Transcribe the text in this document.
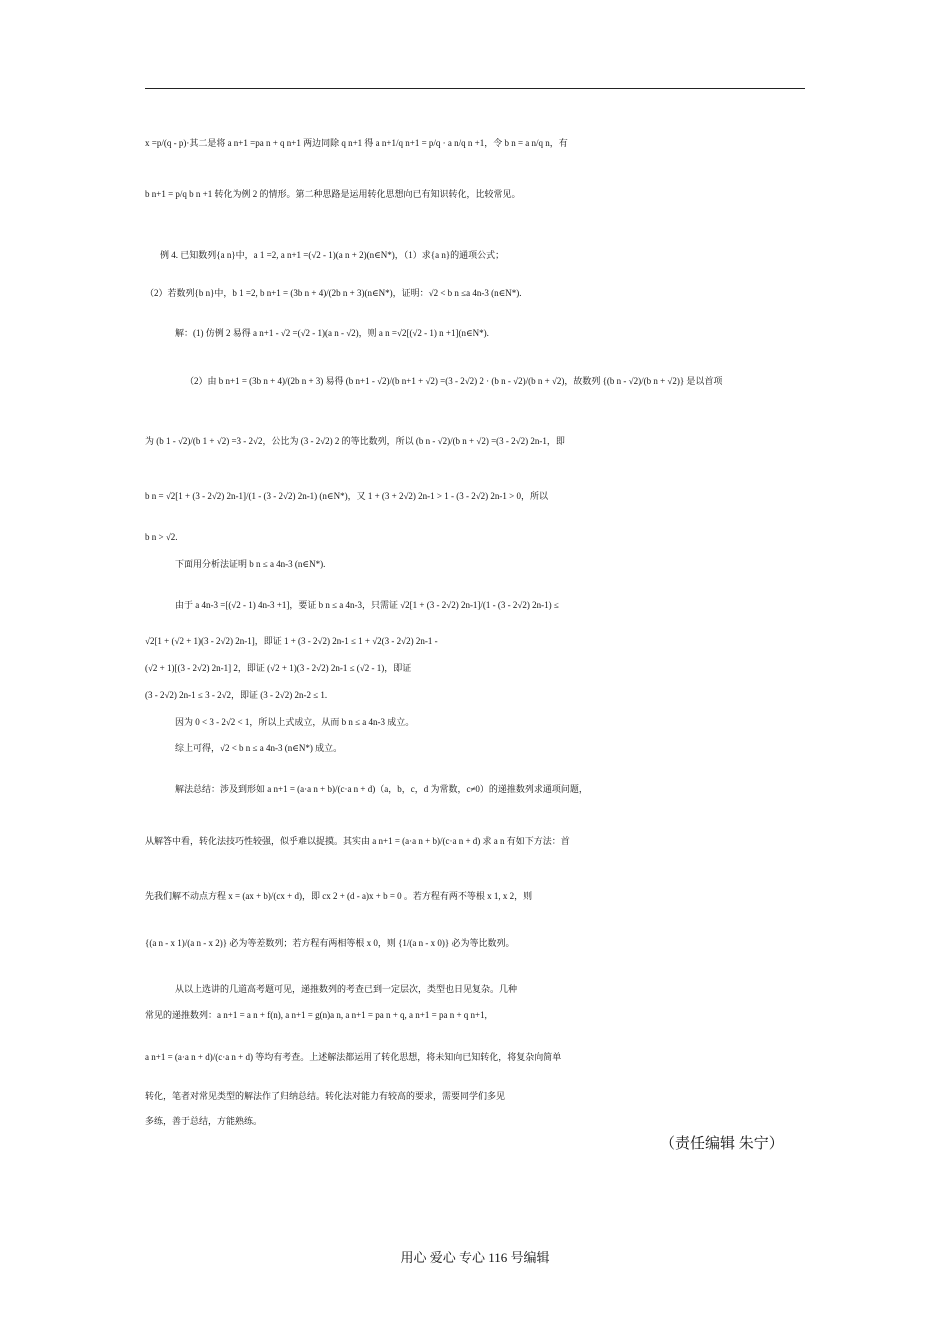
x =p/(q - p)·其二是将 a n+1 =pa n + q n+1 两边同除 q n+1 得 a n+1/q n+1 = p/q · a n/q n +1，令 b n = a n/q n，有
b n+1 = p/q b n +1 转化为例 2 的情形。第二种思路是运用转化思想向已有知识转化，比较常见。
例 4. 已知数列{a n}中，a 1 =2, a n+1 =(√2 - 1)(a n + 2)(n∈N*)，（1）求{a n}的通项公式；
（2）若数列{b n}中，b 1 =2, b n+1 = (3b n + 4)/(2b n + 3)(n∈N*)，证明：√2 < b n ≤a 4n-3 (n∈N*).
解：(1) 仿例 2 易得 a n+1 - √2 =(√2 - 1)(a n - √2)，则 a n =√2[(√2 - 1) n +1](n∈N*).
（2）由 b n+1 = (3b n + 4)/(2b n + 3) 易得 (b n+1 - √2)/(b n+1 + √2) =(3 - 2√2) 2 · (b n - √2)/(b n + √2)，故数列 {(b n - √2)/(b n + √2)} 是以首项
为 (b 1 - √2)/(b 1 + √2) =3 - 2√2，公比为 (3 - 2√2) 2 的等比数列，所以 (b n - √2)/(b n + √2) =(3 - 2√2) 2n-1，即
b n = √2[1 + (3 - 2√2) 2n-1]/(1 - (3 - 2√2) 2n-1) (n∈N*)，又 1 + (3 + 2√2) 2n-1 > 1 - (3 - 2√2) 2n-1 > 0，所以
b n > √2.
下面用分析法证明 b n ≤ a 4n-3 (n∈N*).
由于 a 4n-3 =[(√2 - 1) 4n-3 +1]，要证 b n ≤ a 4n-3，只需证 √2[1 + (3 - 2√2) 2n-1]/(1 - (3 - 2√2) 2n-1) ≤
√2[1 + (√2 + 1)(3 - 2√2) 2n-1]，即证 1 + (3 - 2√2) 2n-1 ≤ 1 + √2(3 - 2√2) 2n-1 -
(√2 + 1)[(3 - 2√2) 2n-1] 2，即证 (√2 + 1)(3 - 2√2) 2n-1 ≤ (√2 - 1)，即证
(3 - 2√2) 2n-1 ≤ 3 - 2√2，即证 (3 - 2√2) 2n-2 ≤ 1.
因为 0 < 3 - 2√2 < 1，所以上式成立，从而 b n ≤ a 4n-3 成立。
综上可得，√2 < b n ≤ a 4n-3 (n∈N*) 成立。
解法总结：涉及到形如 a n+1 = (a·a n + b)/(c·a n + d)（a，b，c，d 为常数，c≠0）的递推数列求通项问题，
从解答中看，转化法技巧性较强，似乎难以捉摸。其实由 a n+1 = (a·a n + b)/(c·a n + d) 求 a n 有如下方法：首
先我们解不动点方程 x = (ax + b)/(cx + d)，即 cx 2 + (d - a)x + b = 0 。若方程有两不等根 x 1, x 2，则
{(a n - x 1)/(a n - x 2)} 必为等差数列；若方程有两相等根 x 0，则 {1/(a n - x 0)} 必为等比数列。
从以上选讲的几道高考题可见，递推数列的考查已到一定层次，类型也日见复杂。几种
常见的递推数列：a n+1 = a n + f(n), a n+1 = g(n)a n, a n+1 = pa n + q, a n+1 = pa n + q n+1,
a n+1 = (a·a n + d)/(c·a n + d) 等均有考查。上述解法都运用了转化思想，将未知向已知转化，将复杂向简单
转化，笔者对常见类型的解法作了归纳总结。转化法对能力有较高的要求，需要同学们多见
多练，善于总结，方能熟练。
（责任编辑 朱宁）
用心 爱心 专心 116 号编辑
